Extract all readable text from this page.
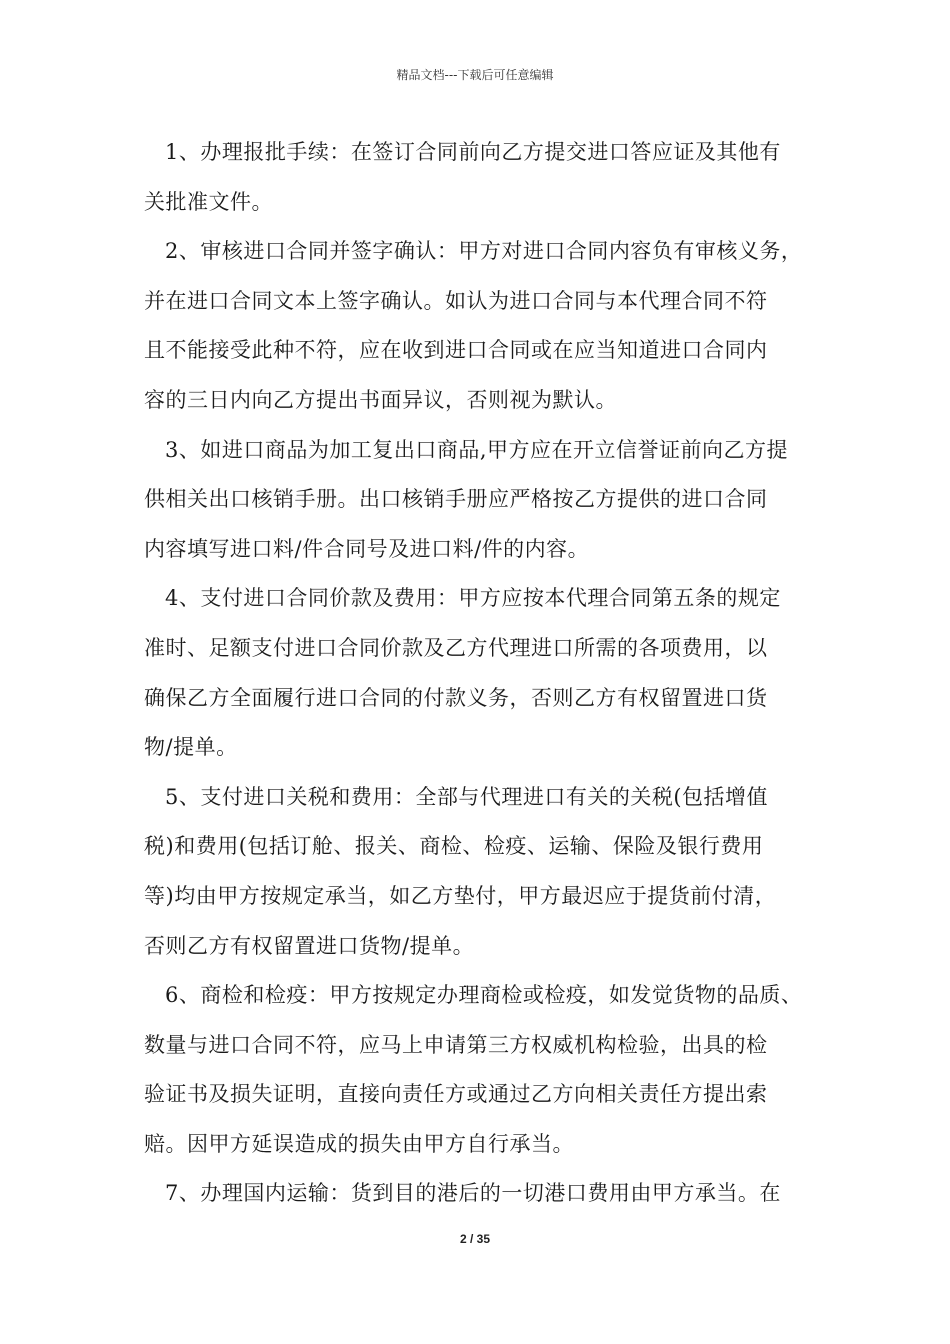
精品文档---下载后可任意编辑
1、办理报批手续：在签订合同前向乙方提交进口答应证及其他有
关批准文件。
2、审核进口合同并签字确认：甲方对进口合同内容负有审核义务，
并在进口合同文本上签字确认。如认为进口合同与本代理合同不符
且不能接受此种不符，应在收到进口合同或在应当知道进口合同内
容的三日内向乙方提出书面异议，否则视为默认。
3、如进口商品为加工复出口商品,甲方应在开立信誉证前向乙方提
供相关出口核销手册。出口核销手册应严格按乙方提供的进口合同
内容填写进口料/件合同号及进口料/件的内容。
4、支付进口合同价款及费用：甲方应按本代理合同第五条的规定
准时、足额支付进口合同价款及乙方代理进口所需的各项费用，以
确保乙方全面履行进口合同的付款义务，否则乙方有权留置进口货
物/提单。
5、支付进口关税和费用：全部与代理进口有关的关税(包括增值
税)和费用(包括订舱、报关、商检、检疫、运输、保险及银行费用
等)均由甲方按规定承当，如乙方垫付，甲方最迟应于提货前付清，
否则乙方有权留置进口货物/提单。
6、商检和检疫：甲方按规定办理商检或检疫，如发觉货物的品质、
数量与进口合同不符，应马上申请第三方权威机构检验，出具的检
验证书及损失证明，直接向责任方或通过乙方向相关责任方提出索
赔。因甲方延误造成的损失由甲方自行承当。
7、办理国内运输：货到目的港后的一切港口费用由甲方承当。在
2 / 35
